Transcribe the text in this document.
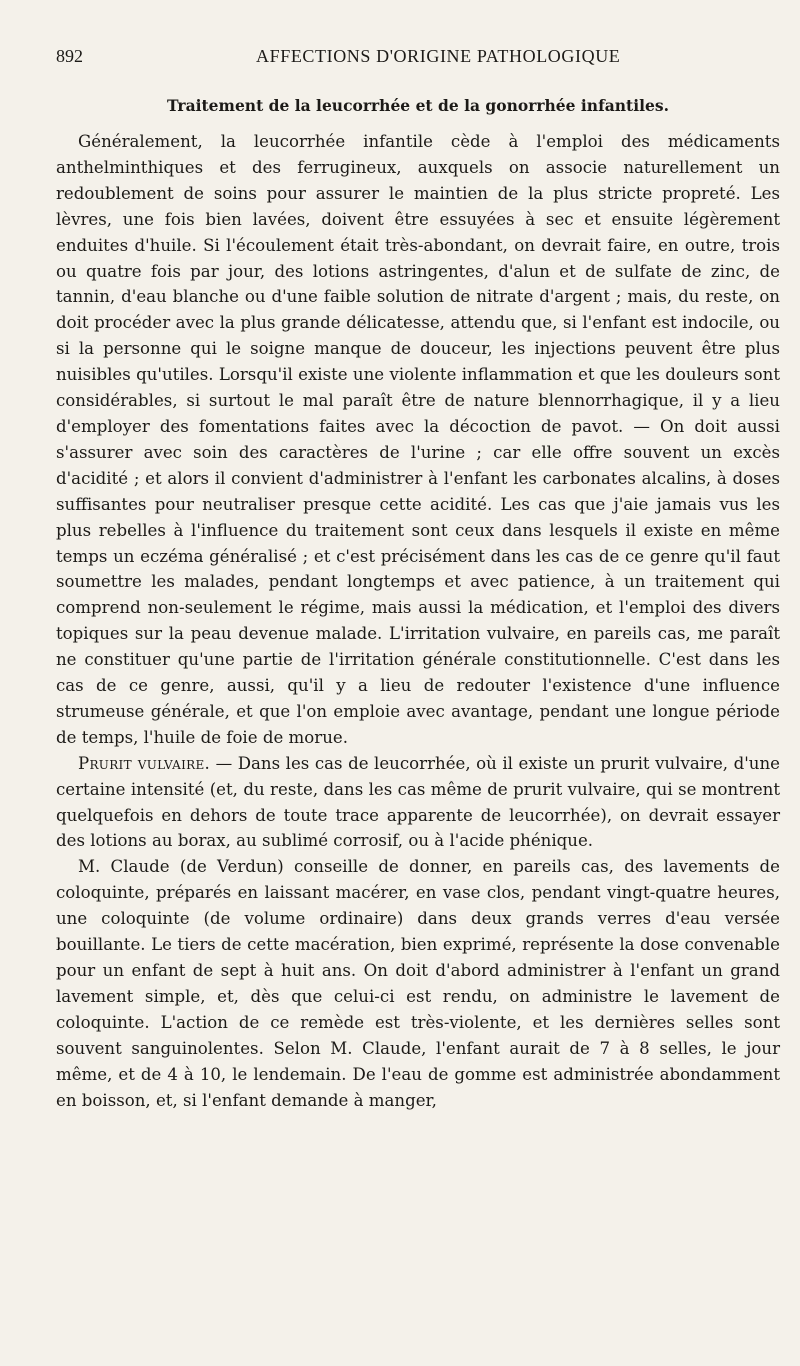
892	AFFECTIONS D'ORIGINE PATHOLOGIQUE
Traitement de la leucorrhée et de la gonorrhée infantiles.

Généralement, la leucorrhée infantile cède à l'emploi des médicaments anthelminthiques et des ferrugineux, auxquels on associe naturellement un redoublement de soins pour assurer le maintien de la plus stricte propreté. Les lèvres, une fois bien lavées, doivent être essuyées à sec et ensuite légèrement enduites d'huile. Si l'écoulement était très-abondant, on devrait faire, en outre, trois ou quatre fois par jour, des lotions astringentes, d'alun et de sulfate de zinc, de tannin, d'eau blanche ou d'une faible solution de nitrate d'argent ; mais, du reste, on doit procéder avec la plus grande délicatesse, attendu que, si l'enfant est indocile, ou si la personne qui le soigne manque de douceur, les injections peuvent être plus nuisibles qu'utiles. Lorsqu'il existe une violente inflammation et que les douleurs sont considérables, si surtout le mal paraît être de nature blennorrhagique, il y a lieu d'employer des fomentations faites avec la décoction de pavot. — On doit aussi s'assurer avec soin des caractères de l'urine ; car elle offre souvent un excès d'acidité ; et alors il convient d'administrer à l'enfant les carbonates alcalins, à doses suffisantes pour neutraliser presque cette acidité. Les cas que j'aie jamais vus les plus rebelles à l'influence du traitement sont ceux dans lesquels il existe en même temps un eczéma généralisé ; et c'est précisément dans les cas de ce genre qu'il faut soumettre les malades, pendant longtemps et avec patience, à un traitement qui comprend non-seulement le régime, mais aussi la médication, et l'emploi des divers topiques sur la peau devenue malade. L'irritation vulvaire, en pareils cas, me paraît ne constituer qu'une partie de l'irritation générale constitutionnelle. C'est dans les cas de ce genre, aussi, qu'il y a lieu de redouter l'existence d'une influence strumeuse générale, et que l'on emploie avec avantage, pendant une longue période de temps, l'huile de foie de morue.

Prurit vulvaire. — Dans les cas de leucorrhée, où il existe un prurit vulvaire, d'une certaine intensité (et, du reste, dans les cas même de prurit vulvaire, qui se montrent quelquefois en dehors de toute trace apparente de leucorrhée), on devrait essayer des lotions au borax, au sublimé corrosif, ou à l'acide phénique.

M. Claude (de Verdun) conseille de donner, en pareils cas, des lavements de coloquinte, préparés en laissant macérer, en vase clos, pendant vingt-quatre heures, une coloquinte (de volume ordinaire) dans deux grands verres d'eau versée bouillante. Le tiers de cette macération, bien exprimé, représente la dose convenable pour un enfant de sept à huit ans. On doit d'abord administrer à l'enfant un grand lavement simple, et, dès que celui-ci est rendu, on administre le lavement de coloquinte. L'action de ce remède est très-violente, et les dernières selles sont souvent sanguinolentes. Selon M. Claude, l'enfant aurait de 7 à 8 selles, le jour même, et de 4 à 10, le lendemain. De l'eau de gomme est administrée abondamment en boisson, et, si l'enfant demande à manger,
